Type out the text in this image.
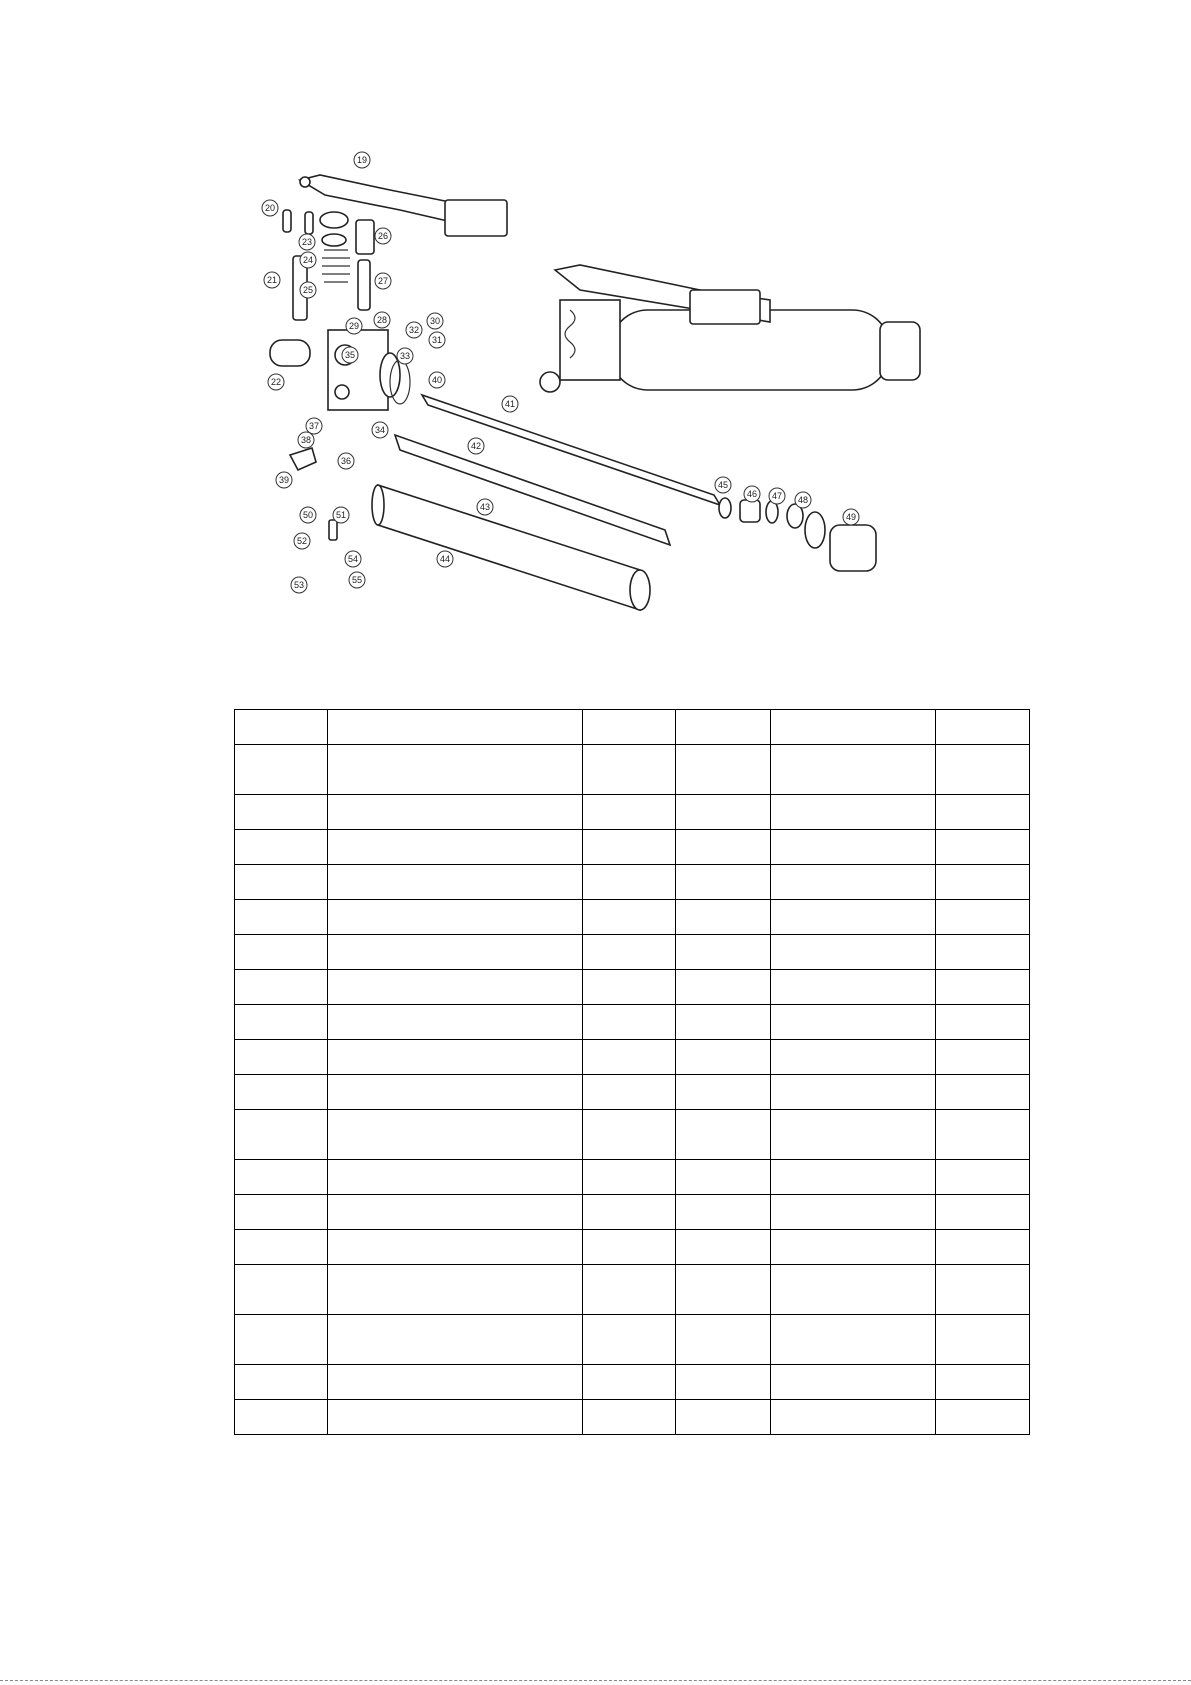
19
20
21
22
23
24
25
26
27
28
29	30
31
32
33
34
35
36
37
38
39
40
41
42
43
44
45
46 47 48
49
50	51
52
53
54
55
